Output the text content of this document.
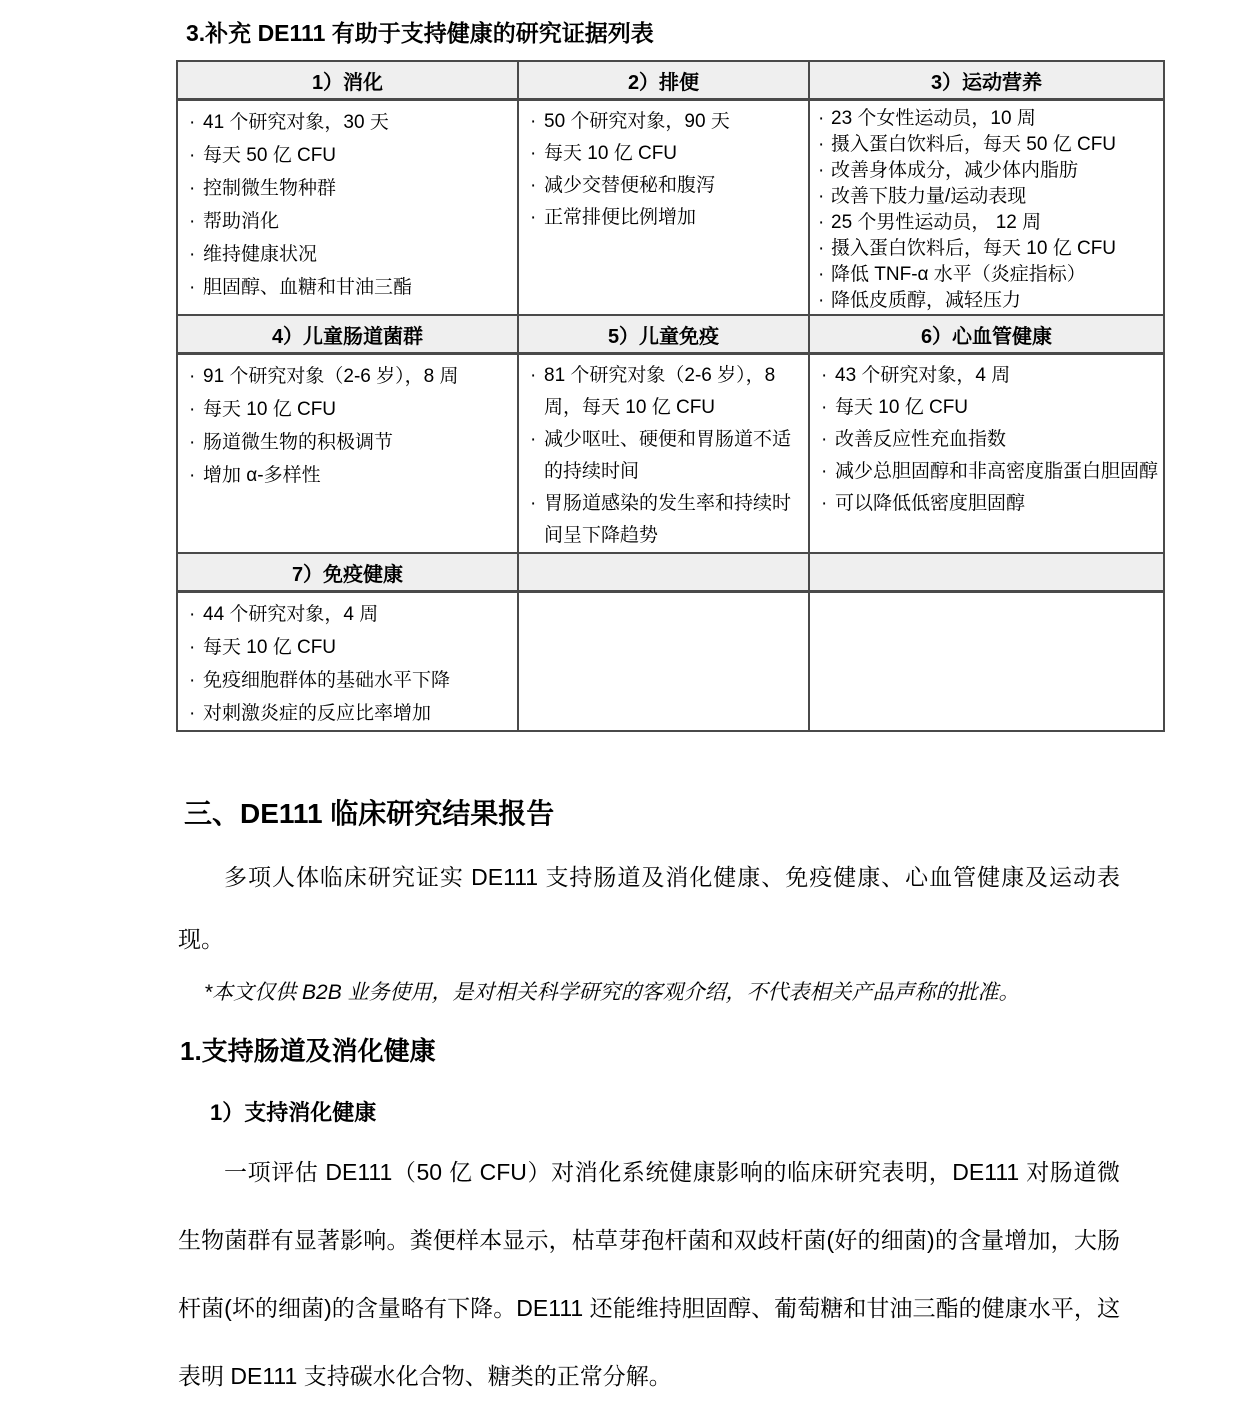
3.补充 DE111 有助于支持健康的研究证据列表
1）消化	2）排便	3）运动营养

· 41 个研究对象，30 天
· 每天 50 亿 CFU
· 控制微生物种群
· 帮助消化
· 维持健康状况
· 胆固醇、血糖和甘油三酯

· 50 个研究对象，90 天
· 每天 10 亿 CFU
· 减少交替便秘和腹泻
· 正常排便比例增加

· 23 个女性运动员，10 周
· 摄入蛋白饮料后，每天 50 亿 CFU
· 改善身体成分，减少体内脂肪
· 改善下肢力量/运动表现
· 25 个男性运动员， 12 周
· 摄入蛋白饮料后，每天 10 亿 CFU
· 降低 TNF-α 水平（炎症指标）
· 降低皮质醇，减轻压力

4）儿童肠道菌群	5）儿童免疫	6）心血管健康

· 91 个研究对象（2-6 岁），8 周
· 每天 10 亿 CFU
· 肠道微生物的积极调节
· 增加 α-多样性

· 81 个研究对象（2-6 岁），8 周，每天 10 亿 CFU
· 减少呕吐、硬便和胃肠道不适的持续时间
· 胃肠道感染的发生率和持续时间呈下降趋势

· 43 个研究对象，4 周
· 每天 10 亿 CFU
· 改善反应性充血指数
· 减少总胆固醇和非高密度脂蛋白胆固醇
· 可以降低低密度胆固醇

7）免疫健康		

· 44 个研究对象，4 周
· 每天 10 亿 CFU
· 免疫细胞群体的基础水平下降
· 对刺激炎症的反应比率增加

三、DE111 临床研究结果报告

多项人体临床研究证实 DE111 支持肠道及消化健康、免疫健康、心血管健康及运动表现。

*本文仅供 B2B 业务使用，是对相关科学研究的客观介绍，不代表相关产品声称的批准。
1.支持肠道及消化健康
1）支持消化健康

一项评估 DE111（50 亿 CFU）对消化系统健康影响的临床研究表明，DE111 对肠道微生物菌群有显著影响。粪便样本显示，枯草芽孢杆菌和双歧杆菌(好的细菌)的含量增加，大肠杆菌(坏的细菌)的含量略有下降。DE111 还能维持胆固醇、葡萄糖和甘油三酯的健康水平，这表明 DE111 支持碳水化合物、糖类的正常分解。
